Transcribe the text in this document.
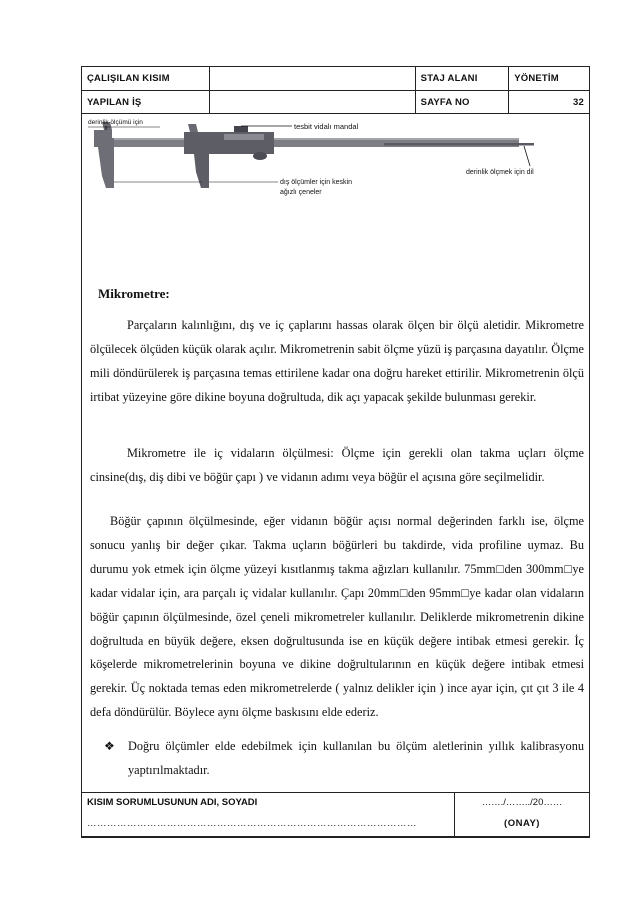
ÇALIŞILAN KISIM		STAJ ALANI	YÖNETİM
YAPILAN İŞ		SAYFA NO	32
derinlik ölçümü için	tesbit vidalı mandal
derinlik ölçmek için dil
dış ölçümler için keskin
ağızlı çeneler
Mikrometre:

Parçaların kalınlığını, dış ve iç çaplarını hassas olarak ölçen bir ölçü aletidir. Mikrometre ölçülecek ölçüden küçük olarak açılır. Mikrometrenin sabit ölçme yüzü iş parçasına dayatılır. Ölçme mili döndürülerek iş parçasına temas ettirilene kadar ona doğru hareket ettirilir. Mikrometrenin ölçü irtibat yüzeyine göre dikine boyuna doğrultuda, dik açı yapacak şekilde bulunması gerekir.

Mikrometre ile iç vidaların ölçülmesi: Ölçme için gerekli olan takma uçları ölçme cinsine(dış, diş dibi ve böğür çapı ) ve vidanın adımı veya böğür el açısına göre seçilmelidir.

Böğür çapının ölçülmesinde, eğer vidanın böğür açısı normal değerinden farklı ise, ölçme sonucu yanlış bir değer çıkar. Takma uçların böğürleri bu takdirde, vida profiline uymaz. Bu durumu yok etmek için ölçme yüzeyi kısıtlanmış takma ağızları kullanılır. 75mm□den 300mm□ye kadar vidalar için, ara parçalı iç vidalar kullanılır. Çapı 20mm□den 95mm□ye kadar olan vidaların böğür çapının ölçülmesinde, özel çeneli mikrometreler kullanılır. Deliklerde mikrometrenin dikine doğrultuda en büyük değere, eksen doğrultusunda ise en küçük değere intibak etmesi gerekir. İç köşelerde mikrometrelerinin boyuna ve dikine doğrultularının en küçük değere intibak etmesi gerekir. Üç noktada temas eden mikrometrelerde ( yalnız delikler için ) ince ayar için, çıt çıt 3 ile 4 defa döndürülür. Böylece aynı ölçme baskısını elde ederiz.

❖ Doğru ölçümler elde edebilmek için kullanılan bu ölçüm aletlerinin yıllık kalibrasyonu yaptırılmaktadır.

KISIM SORUMLUSUNUN ADI, SOYADI
………………………………………………………………………………………
	……./……../20……
(ONAY)
